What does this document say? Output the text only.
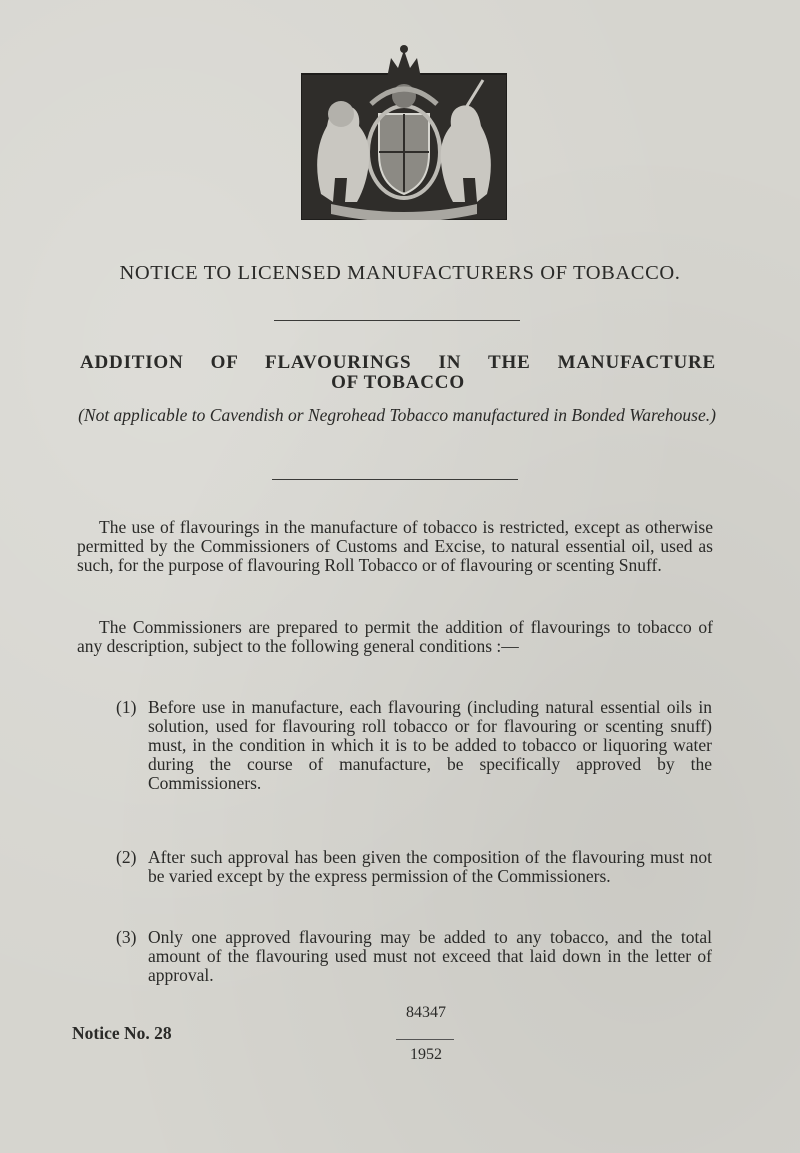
NOTICE TO LICENSED MANUFACTURERS OF TOBACCO.
ADDITION OF FLAVOURINGS IN THE MANUFACTURE
OF TOBACCO

(Not applicable to Cavendish or Negrohead Tobacco manufactured in Bonded Warehouse.)

The use of flavourings in the manufacture of tobacco is restricted, except as otherwise permitted by the Commissioners of Customs and Excise, to natural essential oil, used as such, for the purpose of flavouring Roll Tobacco or of flavouring or scenting Snuff.

The Commissioners are prepared to permit the addition of flavourings to tobacco of any description, subject to the following general conditions :—

(1) Before use in manufacture, each flavouring (including natural essential oils in solution, used for flavouring roll tobacco or for flavouring or scenting snuff) must, in the condition in which it is to be added to tobacco or liquoring water during the course of manufacture, be specifically approved by the Commissioners.

(2) After such approval has been given the composition of the flavouring must not be varied except by the express permission of the Commissioners.

(3) Only one approved flavouring may be added to any tobacco, and the total amount of the flavouring used must not exceed that laid down in the letter of approval.

Notice No. 28
84347
1952
